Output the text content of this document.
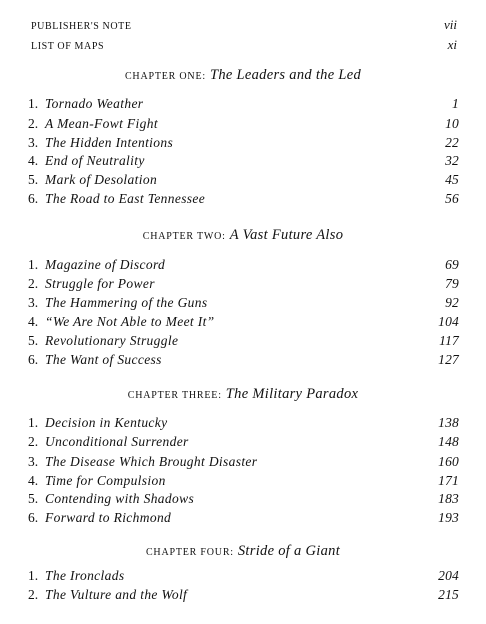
PUBLISHER'S NOTE	vii
LIST OF MAPS	xi
CHAPTER ONE: The Leaders and the Led
1. Tornado Weather	1
2. A Mean-Fowt Fight	10
3. The Hidden Intentions	22
4. End of Neutrality	32
5. Mark of Desolation	45
6. The Road to East Tennessee	56
CHAPTER TWO: A Vast Future Also
1. Magazine of Discord	69
2. Struggle for Power	79
3. The Hammering of the Guns	92
4. “We Are Not Able to Meet It”	104
5. Revolutionary Struggle	117
6. The Want of Success	127
CHAPTER THREE: The Military Paradox
1. Decision in Kentucky	138
2. Unconditional Surrender	148
3. The Disease Which Brought Disaster	160
4. Time for Compulsion	171
5. Contending with Shadows	183
6. Forward to Richmond	193
CHAPTER FOUR: Stride of a Giant
1. The Ironclads	204
2. The Vulture and the Wolf	215
